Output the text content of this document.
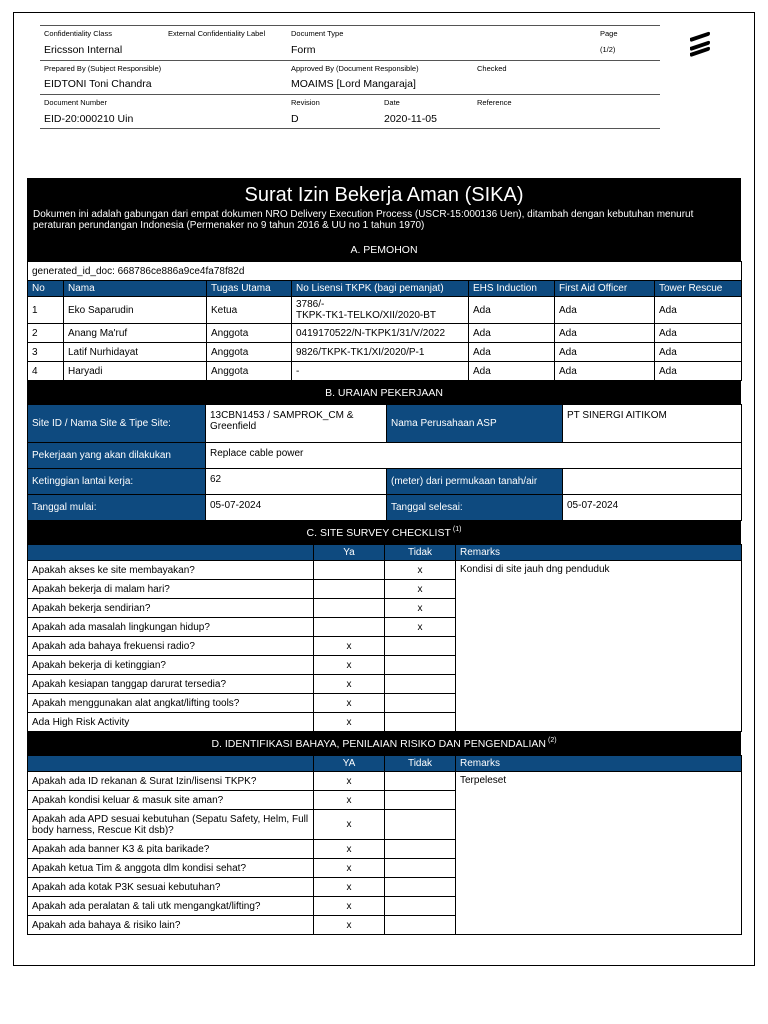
Confidentiality Class
Ericsson Internal
External Confidentiality Label	Document Type
Form
Page
(1/2)
Prepared By (Subject Responsible)
EIDTONI Toni Chandra
Approved By (Document Responsible)
MOAIMS [Lord Mangaraja]
Checked
Document Number
EID-20:000210 Uin
Revision
D
Date
2020-11-05
Reference
Surat Izin Bekerja Aman (SIKA)

Dokumen ini adalah gabungan dari empat dokumen NRO Delivery Execution Process (USCR-15:000136 Uen), ditambah dengan kebutuhan menurut peraturan perundangan Indonesia (Permenaker no 9 tahun 2016 & UU no 1 tahun 1970)

A. PEMOHON
generated_id_doc: 668786ce886a9ce4fa78f82d						
No	Nama	Tugas Utama	No Lisensi TKPK (bagi pemanjat)	EHS Induction	First Aid Officer	Tower Rescue
1	Eko Saparudin	Ketua	3786/-
TKPK-TK1-TELKO/XII/2020-BT	Ada	Ada	Ada
2	Anang Ma'ruf	Anggota	0419170522/N-TKPK1/31/V/2022	Ada	Ada	Ada
3	Latif Nurhidayat	Anggota	9826/TKPK-TK1/XI/2020/P-1	Ada	Ada	Ada
4	Haryadi	Anggota	-	Ada	Ada	Ada
B. URAIAN PEKERJAAN
Site ID / Nama Site & Tipe Site:	13CBN1453 / SAMPROK_CM & Greenfield	Nama Perusahaan ASP	PT SINERGI AITIKOM
Pekerjaan yang akan dilakukan	Replace cable power		
Ketinggian lantai kerja:	62	(meter) dari permukaan tanah/air	
Tanggal mulai:	05-07-2024	Tanggal selesai:	05-07-2024
C. SITE SURVEY CHECKLIST $^{(1)}$
	Ya	Tidak	Remarks
Apakah akses ke site membayakan?		x	Kondisi di site jauh dng penduduk
Apakah bekerja di malam hari?		x	
Apakah bekerja sendirian?		x	
Apakah ada masalah lingkungan hidup?		x	
Apakah ada bahaya frekuensi radio?	x		
Apakah bekerja di ketinggian?	x		
Apakah kesiapan tanggap darurat tersedia?	x		
Apakah menggunakan alat angkat/lifting tools?	x		
Ada High Risk Activity	x		
D. IDENTIFIKASI BAHAYA, PENILAIAN RISIKO DAN PENGENDALIAN $^{(2)}$
	YA	Tidak	Remarks
Apakah ada ID rekanan & Surat Izin/lisensi TKPK?	x		Terpeleset
Apakah kondisi keluar & masuk site aman?	x		
Apakah ada APD sesuai kebutuhan (Sepatu Safety, Helm, Full body harness, Rescue Kit dsb)?	x		
Apakah ada banner K3 & pita barikade?	x		
Apakah ketua Tim & anggota dlm kondisi sehat?	x		
Apakah ada kotak P3K sesuai kebutuhan?	x		
Apakah ada peralatan & tali utk mengangkat/lifting?	x		
Apakah ada bahaya & risiko lain?	x		
